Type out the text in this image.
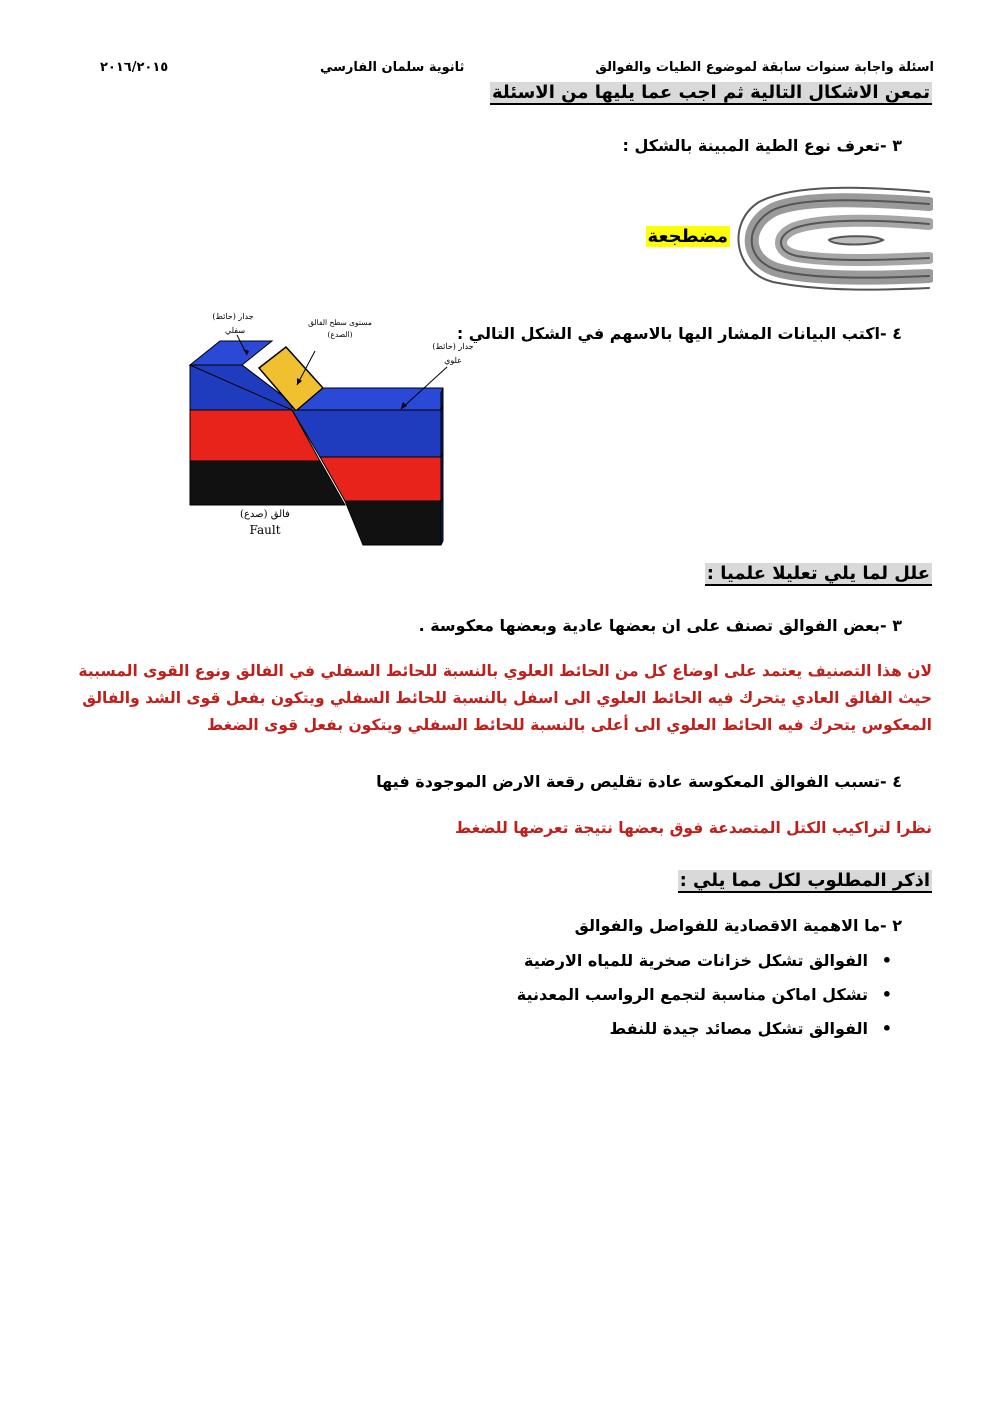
اسئلة واجابة سنوات سابقة لموضوع الطيات والفوالق
ثانوية سلمان الفارسي
٢٠١٦/٢٠١٥
تمعن الاشكال التالية ثم اجب عما يليها من الاسئلة
٣ -تعرف نوع الطية المبينة بالشكل :
مضطجعة
٤ -اكتب البيانات المشار اليها بالاسهم في الشكل التالي :
جدار (حائط)
سفلي
مستوى سطح الفالق
(الصدع)
جدار (حائط)
علوي
فالق (صدع)
Fault
علل لما يلي تعليلا علميا :
٣ -بعض الفوالق تصنف على ان بعضها عادية وبعضها معكوسة .
لان هذا التصنيف يعتمد على اوضاع كل من الحائط العلوي بالنسبة للحائط السفلي في الفالق ونوع القوى المسببة حيث الفالق العادي يتحرك فيه الحائط العلوي الى اسفل بالنسبة للحائط السفلي ويتكون بفعل قوى الشد والفالق المعكوس يتحرك فيه الحائط العلوي الى أعلى بالنسبة للحائط السفلي ويتكون بفعل قوى الضغط
٤ -تسبب الفوالق المعكوسة عادة تقليص رقعة الارض الموجودة فيها
نظرا لتراكيب الكتل المتصدعة فوق بعضها نتيجة تعرضها للضغط
اذكر المطلوب لكل مما يلي :
٢ -ما الاهمية الاقصادية للفواصل والفوالق
• الفوالق تشكل خزانات صخرية للمياه الارضية
• تشكل اماكن مناسبة لتجمع الرواسب المعدنية
• الفوالق تشكل مصائد جيدة للنفط
